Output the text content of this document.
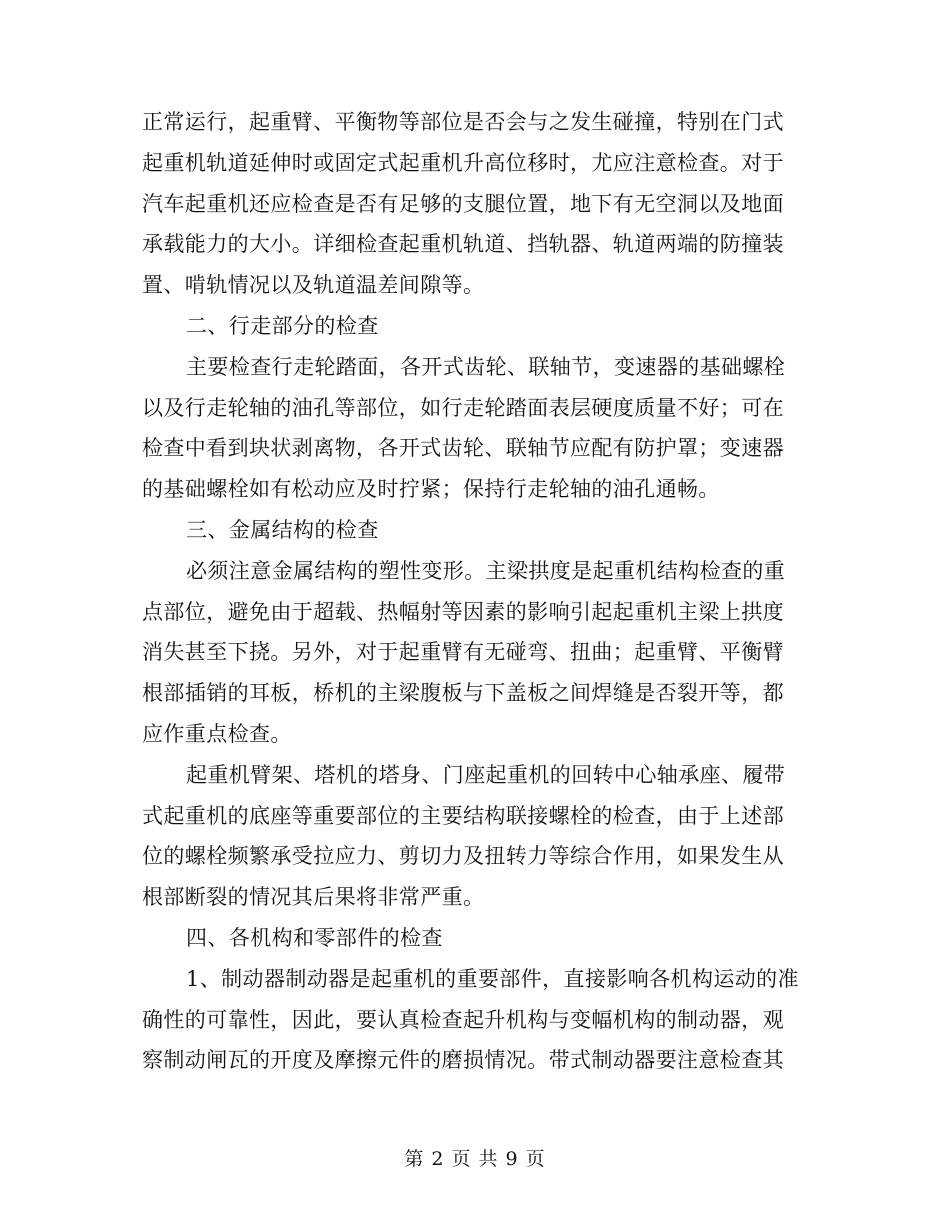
正常运行，起重臂、平衡物等部位是否会与之发生碰撞，特别在门式
起重机轨道延伸时或固定式起重机升高位移时，尤应注意检查。对于
汽车起重机还应检查是否有足够的支腿位置，地下有无空洞以及地面
承载能力的大小。详细检查起重机轨道、挡轨器、轨道两端的防撞装
置、啃轨情况以及轨道温差间隙等。
二、行走部分的检查
主要检查行走轮踏面，各开式齿轮、联轴节，变速器的基础螺栓
以及行走轮轴的油孔等部位，如行走轮踏面表层硬度质量不好；可在
检查中看到块状剥离物，各开式齿轮、联轴节应配有防护罩；变速器
的基础螺栓如有松动应及时拧紧；保持行走轮轴的油孔通畅。
三、金属结构的检查
必须注意金属结构的塑性变形。主梁拱度是起重机结构检查的重
点部位，避免由于超载、热幅射等因素的影响引起起重机主梁上拱度
消失甚至下挠。另外，对于起重臂有无碰弯、扭曲；起重臂、平衡臂
根部插销的耳板，桥机的主梁腹板与下盖板之间焊缝是否裂开等，都
应作重点检查。
起重机臂架、塔机的塔身、门座起重机的回转中心轴承座、履带
式起重机的底座等重要部位的主要结构联接螺栓的检查，由于上述部
位的螺栓频繁承受拉应力、剪切力及扭转力等综合作用，如果发生从
根部断裂的情况其后果将非常严重。
四、各机构和零部件的检查
1、制动器制动器是起重机的重要部件，直接影响各机构运动的准
确性的可靠性，因此，要认真检查起升机构与变幅机构的制动器，观
察制动闸瓦的开度及摩擦元件的磨损情况。带式制动器要注意检查其
第 2 页 共 9 页
